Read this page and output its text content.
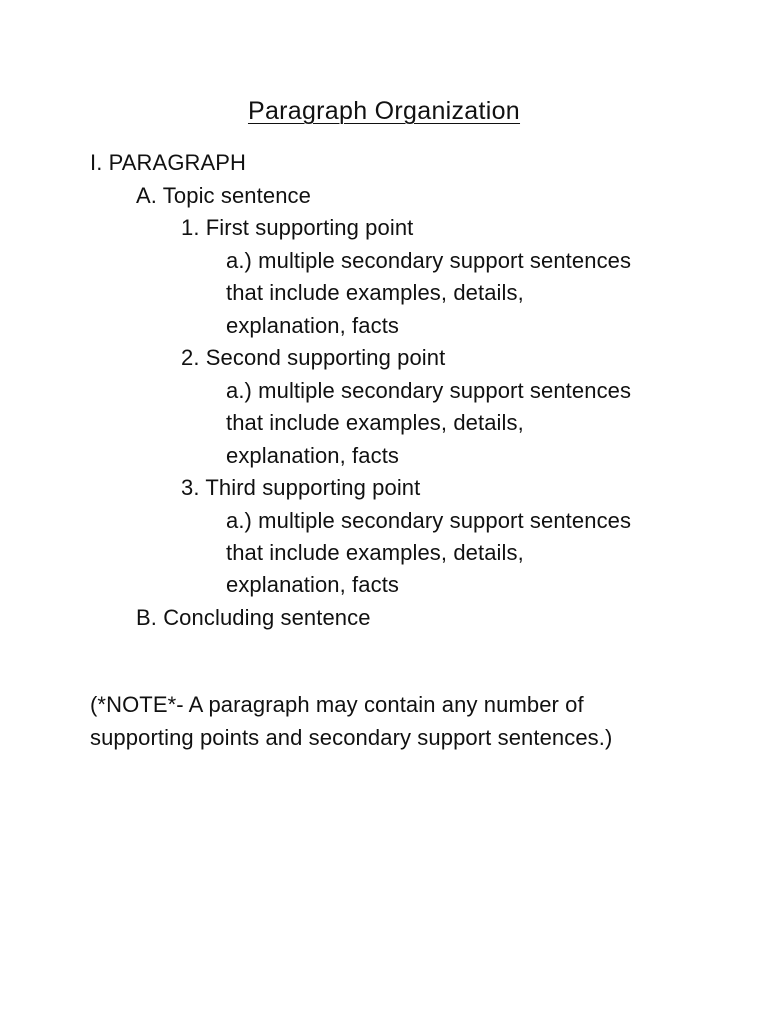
Paragraph Organization
I. PARAGRAPH
A. Topic sentence
1. First supporting point
a.) multiple secondary support sentences
that include examples, details,
explanation, facts
2. Second supporting point
a.) multiple secondary support sentences
that include examples, details,
explanation, facts
3. Third supporting point
a.) multiple secondary support sentences
that include examples, details,
explanation, facts
B. Concluding sentence
(*NOTE*- A paragraph may contain any number of
supporting points and secondary support sentences.)
